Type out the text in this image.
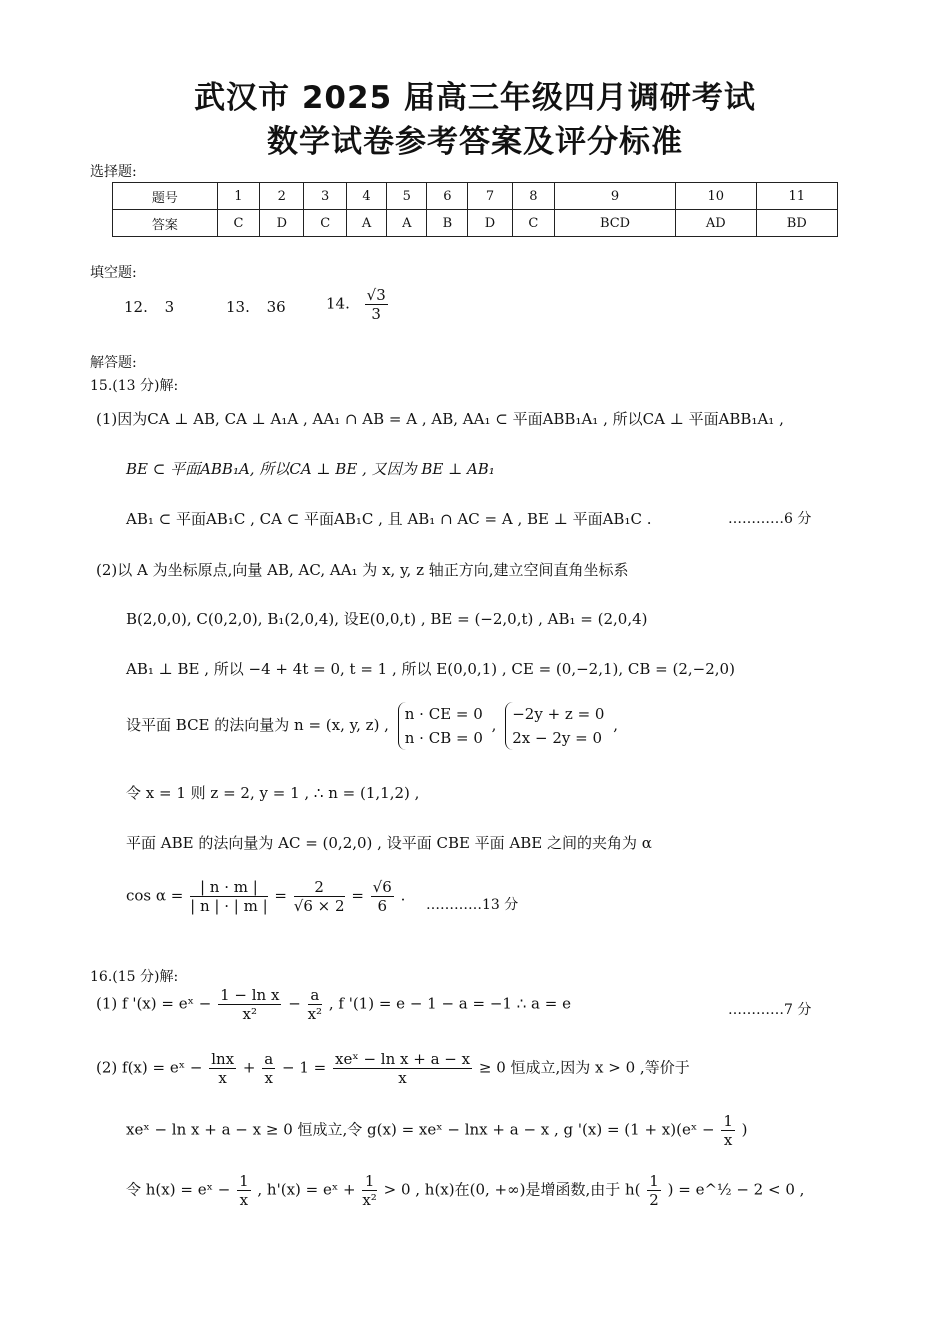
武汉市 2025 届高三年级四月调研考试
数学试卷参考答案及评分标准
选择题:
题号	1	2	3	4	5	6	7	8	9	10	11
答案	C	D	C	A	A	B	D	C	BCD	AD	BD
填空题:
12. 3	13. 36	14. $\frac{√3}{3}$
解答题:
15.(13 分)解:
(1)因为CA ⊥ AB, CA ⊥ A₁A , AA₁ ∩ AB = A , AB, AA₁ ⊂ 平面ABB₁A₁ , 所以CA ⊥ 平面ABB₁A₁ ,
BE ⊂ 平面ABB₁A, 所以CA ⊥ BE , 又因为 BE ⊥ AB₁
AB₁ ⊂ 平面AB₁C , CA ⊂ 平面AB₁C , 且 AB₁ ∩ AC = A , BE ⊥ 平面AB₁C .	…………6 分
(2)以 A 为坐标原点,向量 AB, AC, AA₁ 为 x, y, z 轴正方向,建立空间直角坐标系
B(2,0,0), C(0,2,0), B₁(2,0,4), 设E(0,0,t) , BE = (−2,0,t) , AB₁ = (2,0,4)
AB₁ ⊥ BE , 所以 −4 + 4t = 0, t = 1 , 所以 E(0,0,1) , CE = (0,−2,1), CB = (2,−2,0)
设平面 BCE 的法向量为 n = (x, y, z) ,
n · CE = 0
n · CB = 0
,
−2y + z = 0
2x − 2y = 0
,
令 x = 1 则 z = 2, y = 1 , ∴ n = (1,1,2) ,
平面 ABE 的法向量为 AC = (0,2,0) , 设平面 CBE 平面 ABE 之间的夹角为 α
$\cos \alpha = \frac{| n \cdot m |}{| n | \cdot | m |} = \frac{2}{√6 \times 2} = \frac{√6}{6}$ .
…………13 分
16.(15 分)解:
(1) f '(x) = eˣ − $\frac{\text{1 − ln x}}{\text{x²}} - \frac{a}{\text{x²}}$ , f '(1) = e − 1 − a = −1 ∴ a = e	…………7 分
(2) f(x) = eˣ − $\frac{\ln x}{x} + \frac{a}{x} - 1 = \frac{\text{xeˣ − ln x + a − x}}{x} \ge 0$ 恒成立,因为 x > 0 ,等价于
xeˣ − ln x + a − x ≥ 0 恒成立,令 g(x) = xeˣ − lnx + a − x , g '(x) = (1 + x)(eˣ − $\frac{1}{x}$ )
令 h(x) = eˣ − $\frac{1}{x}$ , h'(x) = eˣ + $\frac{1}{\text{x²}} > 0$ , h(x)在(0, +∞)是增函数,由于 $h( \frac{1}{2}$ ) = e^½ − 2 < 0 ,
